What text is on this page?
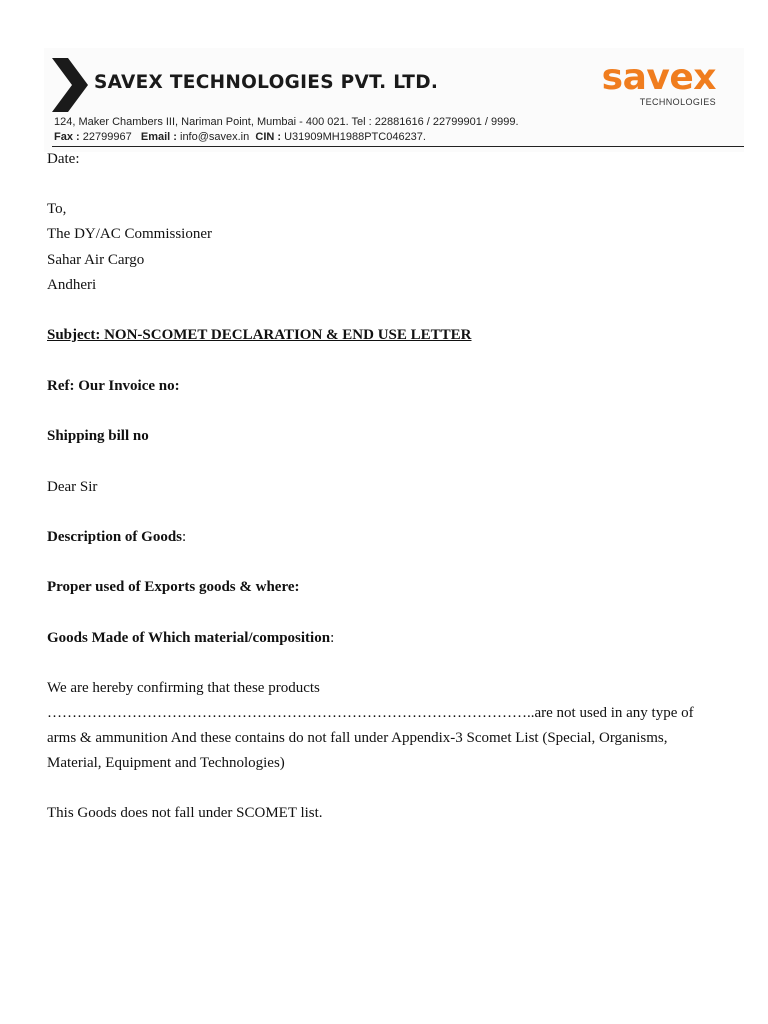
SAVEX TECHNOLOGIES PVT. LTD.	savex
TECHNOLOGIES
124, Maker Chambers III, Nariman Point, Mumbai - 400 021. Tel : 22881616 / 22799901 / 9999.
Fax : 22799967 Email : info@savex.in CIN : U31909MH1988PTC046237.
Date:
To,
The DY/AC Commissioner
Sahar Air Cargo
Andheri
Subject: NON-SCOMET DECLARATION & END USE LETTER
Ref: Our Invoice no:
Shipping bill no
Dear Sir
Description of Goods:
Proper used of Exports goods & where:
Goods Made of Which material/composition:
We are hereby confirming that these products
……………………………………………………………………………………..are not used in any type of
arms & ammunition And these contains do not fall under Appendix-3 Scomet List (Special, Organisms,
Material, Equipment and Technologies)
This Goods does not fall under SCOMET list.
